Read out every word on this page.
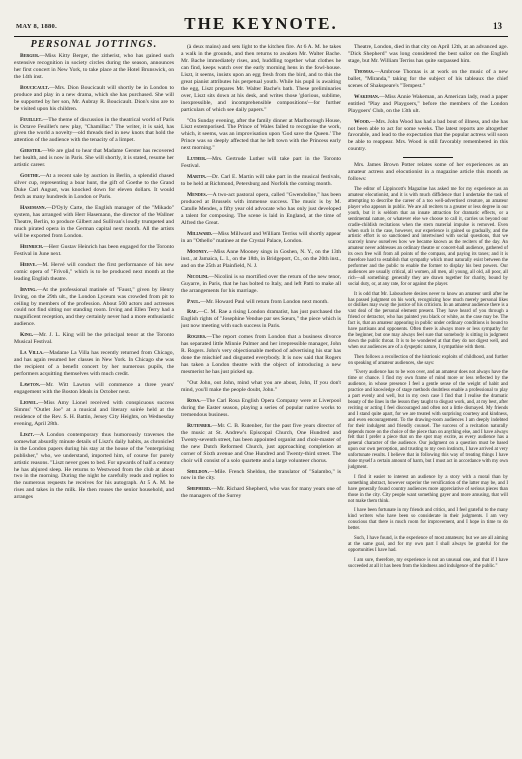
MAY 8, 1880.	THE KEYNOTE.	13
PERSONAL JOTTINGS.

Berger.—Miss Kitty Berger, the zitherist, who has gained such extensive recognition in society circles during the season, announces her first concert in New York, to take place at the Hotel Brunswick, on the 14th inst.

Boucicault.—Mrs. Dion Boucicault will shortly be in London to produce and play in a new drama, which she has purchased. She will be supported by her son, Mr. Aubray R. Boucicault. Dion's sins are to be visited upon his children.

Feuillet.—The theme of discussion in the theatrical world of Paris is Octave Feuillet's new play, "Chamillac." The writer, it is said, has given the world a novelty—old threads tied in new knots that hold the attention of the audience with the tenacity of a limpet.

Gerster.—We are glad to hear that Madame Gerster has recovered her health, and is now in Paris. She will shortly, it is stated, resume her artistic career.

Goethe.—At a recent sale by auction in Berlin, a splendid chased silver cup, representing a boar hunt, the gift of Goethe to the Grand Duke Carl August, was knocked down for eleven dollars. It would fetch as many hundreds in London or Paris.

Hasemann.—D'Oyly Carte, the English manager of the "Mikado" system, has arranged with Herr Hasemann, the director of the Wallner Theatre, Berlin, to produce Gilbert and Sullivan's loudly trumpeted and much pirated opera in the German capital next month. All the artists will be exported from London.

Heinrich.—Herr Gustav Heinrich has been engaged for the Toronto Festival in June next.

Herve.—M. Hervé will conduct the first performance of his new comic opera of "Frivoli," which is to be produced next month at the leading English theatre.

Irving.—At the professional matinée of "Faust," given by Henry Irving, on the 29th ult., the London Lyceum was crowded from pit to ceiling by members of the profession. About 500 actors and actresses could not find sitting nor standing room. Irving and Ellen Terry had a magnificent reception, and they certainly never had a more enthusiastic audience.

King.—Mr. J. L. King will be the principal tenor at the Toronto Musical Festival.

La Villa.—Madame La Villa has recently returned from Chicago, and has again resumed her classes in New York. In Chicago she was the recipient of a benefit concert by her numerous pupils, the performers acquitting themselves with much credit.

Lawton.—Mr. Witt Lawton will commence a three years' engagement with the Boston Ideals in October next.

Lionel.—Miss Amy Lionel received with conspicuous success Simms' "Outlet Joe" at a musical and literary soirée held at the residence of the Rev. S. H. Battin, Jersey City Heights, on Wednesday evening, April 28th.

Liszt.—A London contemporary thus humorously traverses the somewhat absurdly minute details of Liszt's daily habits, as chronicled in the London papers during his stay at the house of the "enterprising publisher," who, we understand, imported him, of course for purely artistic reasons. "Liszt never goes to bed. For upwards of half a century he has abjured sleep. He returns to Westwood from the club at about two in the morning. During the night he carefully reads and replies to the numerous requests he receives for his autograph. At 5 A. M. he rises and takes in the milk. He then rouses the senior household, and arranges

(à deux mains) and sets light to the kitchen fire. At 6 A. M. he takes a walk in the grounds, and then returns to awaken Mr. Walter Bache. Mr. Bache immediately rises, and, huddling together what clothes he can find, keeps watch over the early morning hens in the fowl-house. Liszt, it seems, insists upon an egg fresh from the bird, and to this the great pianist attributes his perpetual youth. While his pupil is awaiting the egg, Liszt prepares Mr. Walter Bache's bath. These preliminaries over, Liszt sits down at his desk, and writes those 'glorious, sublime, inexpressible, and incomprehensible compositions'—for further particulars of which see daily papers."

"On Sunday evening, after the family dinner at Marlborough House, Liszt extemporised. The Prince of Wales failed to recognise the work, which, it seems, was an improvisation upon 'God save the Queen.' The Prince was so deeply affected that he left town with the Princess early next morning."

Luther.—Mrs. Gertrude Luther will take part in the Toronto Festival.

Martin.—Dr. Carl E. Martin will take part in the musical festivals, to be held at Richmond, Petersburg and Norfolk the coming month.

Mendes.—A two-act pastoral opera, called "Gwendoline," has been produced at Brussels with immense success. The music is by M. Catulle Mendes, a fifty year old advocate who has only just developed a talent for composing. The scene is laid in England, at the time of Alfred the Great.

Millward.—Miss Millward and William Terriss will shortly appear in an "Othello" matinee at the Crystal Palace, London.

Mooney.—Miss Anne Mooney sings in Goshen, N. Y., on the 13th inst., at Jamaica, L. I., on the 18th, in Bridgeport, Ct., on the 20th inst., and on the 25th at Plainfield, N. J.

Nicolini.—Nicolini is so mortified over the return of the new tenor, Guyarre, in Paris, that he has bolted to Italy, and left Patti to make all the arrangements for his marriage.

Paul.—Mr. Howard Paul will return from London next month.

Rae.—C. M. Rae a rising London dramatist, has just purchased the English rights of "Josephine Vendue par ses Sœurs," the piece which is just now meeting with such success in Paris.

Rogers.—The report comes from London that a business divorce has separated little Minnie Palmer and her irrepressible manager, John R. Rogers. John's very objectionable method of advertising his star has done the mischief and disgusted everybody. It is now said that Rogers has taken a London theatre with the object of introducing a new mesmerist he has just picked up.

"Out John, out John, mind what you are about, John, If you don't mind, you'll make the people doubt, John."

Rosa.—The Carl Rosa English Opera Company were at Liverpool during the Easter season, playing a series of popular native works to tremendous business.

Rutenber.—Mr. C. B. Rutenber, for the past five years director of the music at St. Andrew's Episcopal Church, One Hundred and Twenty-seventh street, has been appointed organist and choir-master of the new Dutch Reformed Church, just approaching completion at corner of Sixth avenue and One Hundred and Twenty-third street. The choir will consist of a solo quartette and a large volunteer chorus.

Sheldon.—Mile. French Sheldon, the translator of "Salambo," is now in the city.

Shepherd.—Mr. Richard Shepherd, who was for many years one of the managers of the Surrey

Theatre, London, died in that city on April 12th, at an advanced age. "Dick Shepherd" was long considered the best sailor on the English stage, but Mr. William Terriss has quite surpassed him.

Thomas.—Ambrose Thomas is at work on the music of a new ballet, "Miranda," taking for the subject of his tableaux the chief scenes of Shakspeare's "Tempest."

Wakeman.—Miss Annie Wakeman, an American lady, read a paper entitled "Play and Playgoers," before the members of the London Playgoers' Club, on the 13th ult.

Wood.—Mrs. John Wood has had a bad bout of illness, and she has not been able to act for some weeks. The latest reports are altogether favorable, and lead to the expectation that the popular actress will soon be able to reappear. Mrs. Wood is still favorably remembered in this country.

Mrs. James Brown Potter relates some of her experiences as an amateur actress and elocutionist in a magazine article this month as follows:

The editor of Lippincott's Magazine has asked me for my experience as an amateur elocutionist, and it is with much diffidence that I undertake the task of attempting to describe the career of a too well-advertised creature, an amateur player who appears in public. We are all reciters to a greater or less degree in our youth, but it is seldom that an innate attraction for dramatic effects, or a sentimental nature, or whatever else we choose to call it, carries us beyond our cradle-childish recitations when the stern material impulse is removed. Even when such is the case, however, our experience is gained so gradually, and the artistic effort is so sanctioned and intertwined with social questions, that we scarcely know ourselves how we became known as the reciters of the day. An amateur never addresses an ordinary theatre or concert-hall audience, gathered of its own free will from all points of the compass, and paying its taxes; and it is therefore hard to establish that sympathy which must naturally exist between the performer and the public to enable the former to display his best powers. Our audiences are usually critical, all women, all men, all young, all old, all poor, all rich—all something: generally they are drawn together for charity, bound by social duty, or, at any rate, for or against the player.

It is odd that Mr. Labouchere desires never to know an amateur until after he has passed judgment on his work, recognizing how much merely personal likes or dislikes may sway the justice of his criticism. In an amateur audience there is a vast deal of the personal element present. They have heard of you through a friend or detractor, who has painted you black or white, as the case may be. The fact is, that an amateur appearing in public under ordinary conditions is bound to have partisans and opponents. Often there is always more or less sympathy for the beginner, but one may always feel sure that somebody is sitting in judgment down the public throat. It is to be wondered at that they do not digest well, and when our audiences are of a dyspeptic nature, I sympathise with them.

Then follows a recollection of the histrionic exploits of childhood, and further on speaking of amateur audiences, she says:

"Every audience has to be won over, and an amateur does not always have the time or chance. I find my own frame of mind more or less reflected by the audience, in whose presence I feel a gentle sense of the weight of habit and practice and knowledge of stage methods doubtless enable a professional to play a part evenly and well, but in my own case I find that I realise the dramatic beauty of the lines in the lesson they taught to disgust work, and, at my best, after reciting or acting I feel discouraged and often not a little dismayed. My friends and I stand quite apart, for we are treated with surprising courtesy and kindness, and even encouragement. To the drawing-room audiences I am deeply indebted for their indulgent and friendly counsel. The success of a recitation naturally depends more on the choice of the piece than on anything else, and I have always felt that I prefer a piece that on the spot may excite, as every audience has a general character of the audience. Our judgment on a question must be based upon our own perception, and trusting to my own instincts, I have arrived at very unfortunate results. I believe that in following this way of treating things I have done myself a certain amount of harm, but I must act in accordance with my own judgment.

I find it easier to interest an audience by a story with a moral than by something abstract, however superior the versification of the latter may be, and I have generally found country audiences more appreciative of serious pieces than those in the city. City people want something gayer and more amusing, that will not make them think.

I have been fortunate in my friends and critics, and I feel grateful to the many kind writers who have been so considerate in their judgments. I am very conscious that there is much room for improvement, and I hope in time to do better.

Such, I have found, is the experience of most amateurs; but we are all aiming at the same goal, and for my own part I shall always be grateful for the opportunities I have had.

I am sure, therefore, my experience is not an unusual one, and that if I have succeeded at all it has been from the kindness and indulgence of the public."
